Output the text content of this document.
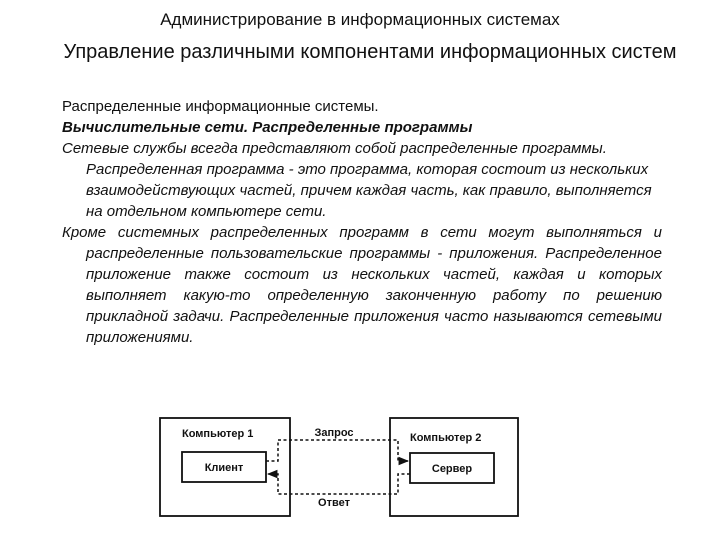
Администрирование в информационных системах
Управление различными компонентами информационных систем

Распределенные информационные системы.

Вычислительные сети. Распределенные программы

Сетевые службы всегда представляют собой распределенные программы. Распределенная программа - это программа, которая состоит из нескольких взаимодействующих частей, причем каждая часть, как правило, выполняется на отдельном компьютере сети.

Кроме системных распределенных программ в сети могут выполняться и распределенные пользовательские программы - приложения. Распределенное приложение также состоит из нескольких частей, каждая и которых выполняет какую-то определенную законченную работу по решению прикладной задачи. Распределенные приложения часто называются сетевыми приложениями.

Компьютер 1
Клиент
Компьютер 2
Сервер
Запрос
Ответ
